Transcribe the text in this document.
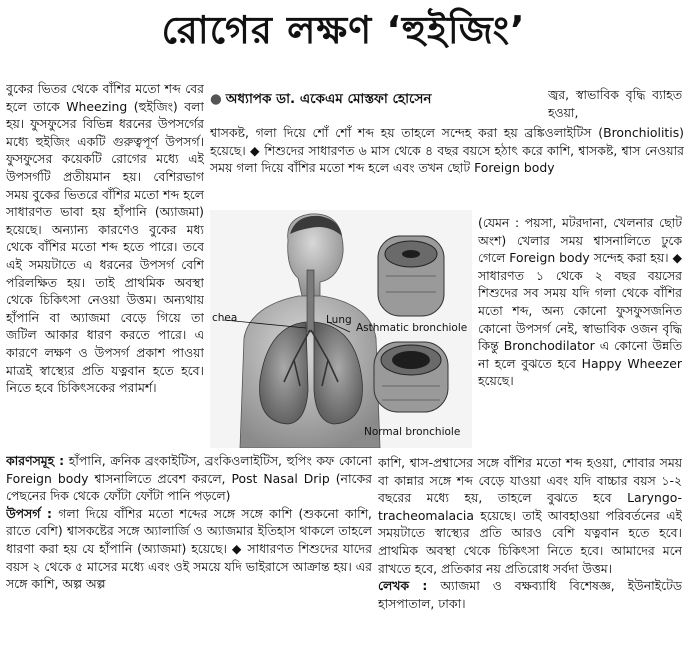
রোগের লক্ষণ ‘হুইজিং’
● অধ্যাপক ডা. একেএম মোস্তফা হোসেন

বুকের ভিতর থেকে বাঁশির মতো শব্দ বের হলে তাকে Wheezing (হুইজিং) বলা হয়। ফুসফুসের বিভিন্ন ধরনের উপসর্গের মধ্যে হুইজিং একটি গুরুত্বপূর্ণ উপসর্গ। ফুসফুসের কয়েকটি রোগের মধ্যে এই উপসর্গটি প্রতীয়মান হয়। বেশিরভাগ সময় বুকের ভিতরে বাঁশির মতো শব্দ হলে সাধারণত ভাবা হয় হাঁপানি (অ্যাজমা) হয়েছে। অন্যান্য কারণেও বুকের মধ্য থেকে বাঁশির মতো শব্দ হতে পারে। তবে এই সময়টাতে এ ধরনের উপসর্গ বেশি পরিলক্ষিত হয়। তাই প্রাথমিক অবস্থা থেকে চিকিৎসা নেওয়া উত্তম। অন্যথায় হাঁপানি বা অ্যাজমা বেড়ে গিয়ে তা জটিল আকার ধারণ করতে পারে। এ কারণে লক্ষণ ও উপসর্গ প্রকাশ পাওয়া মাত্রই স্বাস্থ্যের প্রতি যত্নবান হতে হবে। নিতে হবে চিকিৎসকের পরামর্শ।

কারণসমূহ : হাঁপানি, ক্রনিক ব্রংকাইটিস, ব্রংকিওলাইটিস, হুপিং কফ কোনো Foreign body শ্বাসনালিতে প্রবেশ করলে, Post Nasal Drip (নাকের পেছনের দিক থেকে ফোঁটা ফোঁটা পানি পড়লে)

উপসর্গ : গলা দিয়ে বাঁশির মতো শব্দের সঙ্গে সঙ্গে কাশি (শুকনো কাশি, রাতে বেশি) শ্বাসকষ্টের সঙ্গে অ্যালার্জি ও অ্যাজমার ইতিহাস থাকলে তাহলে ধারণা করা হয় যে হাঁপানি (অ্যাজমা) হয়েছে। ◆ সাধারণত শিশুদের যাদের বয়স ২ থেকে ৫ মাসের মধ্যে এবং ওই সময়ে যদি ভাইরাসে আক্রান্ত হয়। এর সঙ্গে কাশি, অল্প অল্প

জ্বর, স্বাভাবিক বৃদ্ধি ব্যাহত হওয়া,

শ্বাসকষ্ট, গলা দিয়ে শোঁ শোঁ শব্দ হয় তাহলে সন্দেহ করা হয় ব্রঙ্কিওলাইটিস (Bronchiolitis) হয়েছে। ◆ শিশুদের সাধারণত ৬ মাস থেকে ৪ বছর বয়সে হঠাৎ করে কাশি, শ্বাসকষ্ট, শ্বাস নেওয়ার সময় গলা দিয়ে বাঁশির মতো শব্দ হলে এবং তখন ছোট Foreign body

(যেমন : পয়সা, মটরদানা, খেলনার ছোট অংশ) খেলার সময় শ্বাসনালিতে ঢুকে গেলে Foreign body সন্দেহ করা হয়। ◆ সাধারণত ১ থেকে ২ বছর বয়সের শিশুদের সব সময় যদি গলা থেকে বাঁশির মতো শব্দ, অন্য কোনো ফুসফুসজনিত কোনো উপসর্গ নেই, স্বাভাবিক ওজন বৃদ্ধি কিন্তু Bronchodilator এ কোনো উন্নতি না হলে বুঝতে হবে Happy Wheezer হয়েছে।

কাশি, শ্বাস-প্রশ্বাসের সঙ্গে বাঁশির মতো শব্দ হওয়া, শোবার সময় বা কান্নার সঙ্গে শব্দ বেড়ে যাওয়া এবং যদি বাচ্চার বয়স ১-২ বছরের মধ্যে হয়, তাহলে বুঝতে হবে Laryngo-tracheomalacia হয়েছে। তাই আবহাওয়া পরিবর্তনের এই সময়টাতে স্বাস্থ্যের প্রতি আরও বেশি যত্নবান হতে হবে। প্রাথমিক অবস্থা থেকে চিকিৎসা নিতে হবে। আমাদের মনে রাখতে হবে, প্রতিকার নয় প্রতিরোধ সর্বদা উত্তম।

লেখক : অ্যাজমা ও বক্ষব্যাধি বিশেষজ্ঞ, ইউনাইটেড হাসপাতাল, ঢাকা।

chea	Lung
Asthmatic bronchiole
Normal bronchiole
